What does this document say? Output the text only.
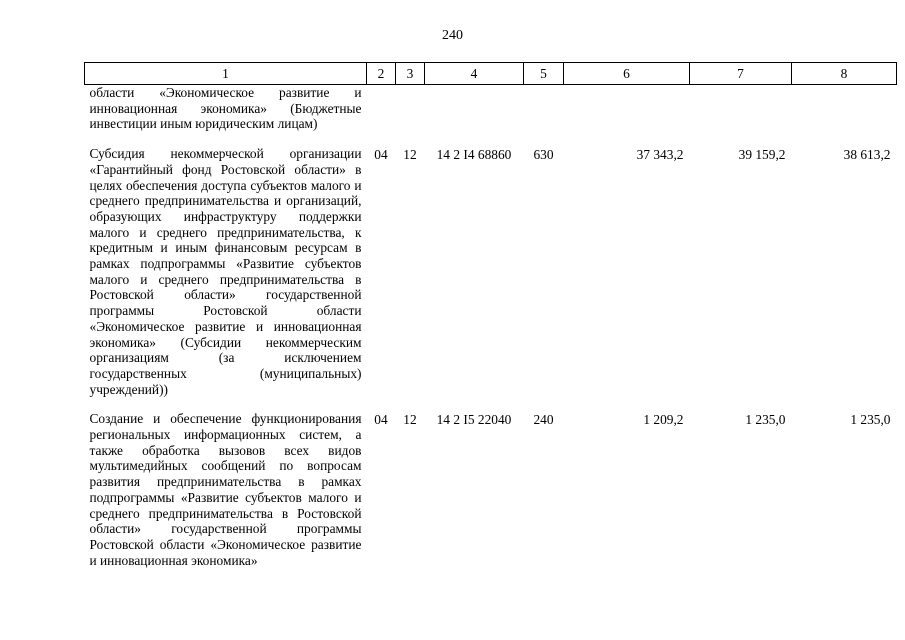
240
1	2	3	4	5	6	7	8
области «Экономическое развитие и инновационная экономика» (Бюджетные инвестиции иным юридическим лицам)							
Субсидия некоммерческой организации «Гарантийный фонд Ростовской области» в целях обеспечения доступа субъектов малого и среднего предпринимательства и организаций, образующих инфраструктуру поддержки малого и среднего предпринимательства, к кредитным и иным финансовым ресурсам в рамках подпрограммы «Развитие субъектов малого и среднего предпринимательства в Ростовской области» государственной программы Ростовской области «Экономическое развитие и инновационная экономика» (Субсидии некоммерческим организациям (за исключением государственных (муниципальных) учреждений))	04	12	14 2 I4 68860	630	37 343,2	39 159,2	38 613,2
Создание и обеспечение функционирования региональных информационных систем, а также обработка вызовов всех видов мультимедийных сообщений по вопросам развития предпринимательства в рамках подпрограммы «Развитие субъектов малого и среднего предпринимательства в Ростовской области» государственной программы Ростовской области «Экономическое развитие и инновационная экономика»	04	12	14 2 I5 22040	240	1 209,2	1 235,0	1 235,0
